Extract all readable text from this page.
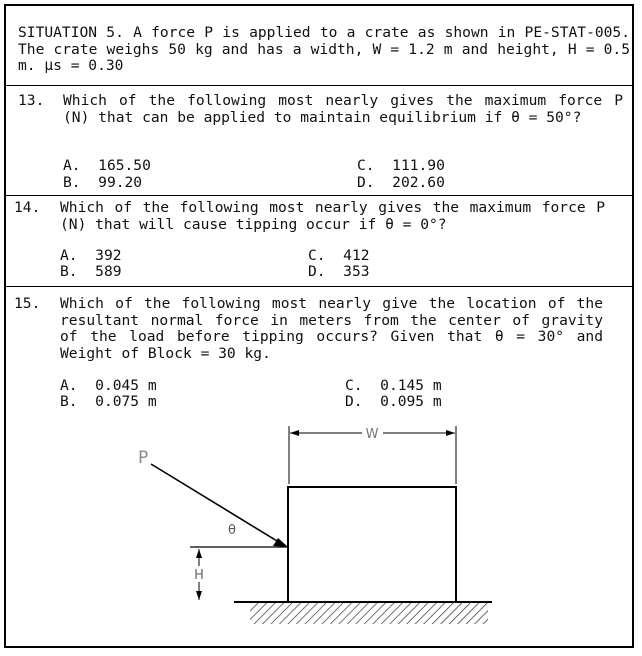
SITUATION 5. A force P is applied to a crate as shown in PE-STAT-005. The crate weighs 50 kg and has a width, W = 1.2 m and height, H = 0.5 m. μs = 0.30
13. Which of the following most nearly gives the maximum force P (N) that can be applied to maintain equilibrium if θ = 50°?
A. 165.50
B. 99.20
C. 111.90
D. 202.60
14. Which of the following most nearly gives the maximum force P (N) that will cause tipping occur if θ = 0°?
A. 392
B. 589
C. 412
D. 353
15. Which of the following most nearly give the location of the resultant normal force in meters from the center of gravity of the load before tipping occurs? Given that θ = 30° and Weight of Block = 30 kg.
A. 0.045 m
B. 0.075 m
C. 0.145 m
D. 0.095 m
W
P
θ
H
